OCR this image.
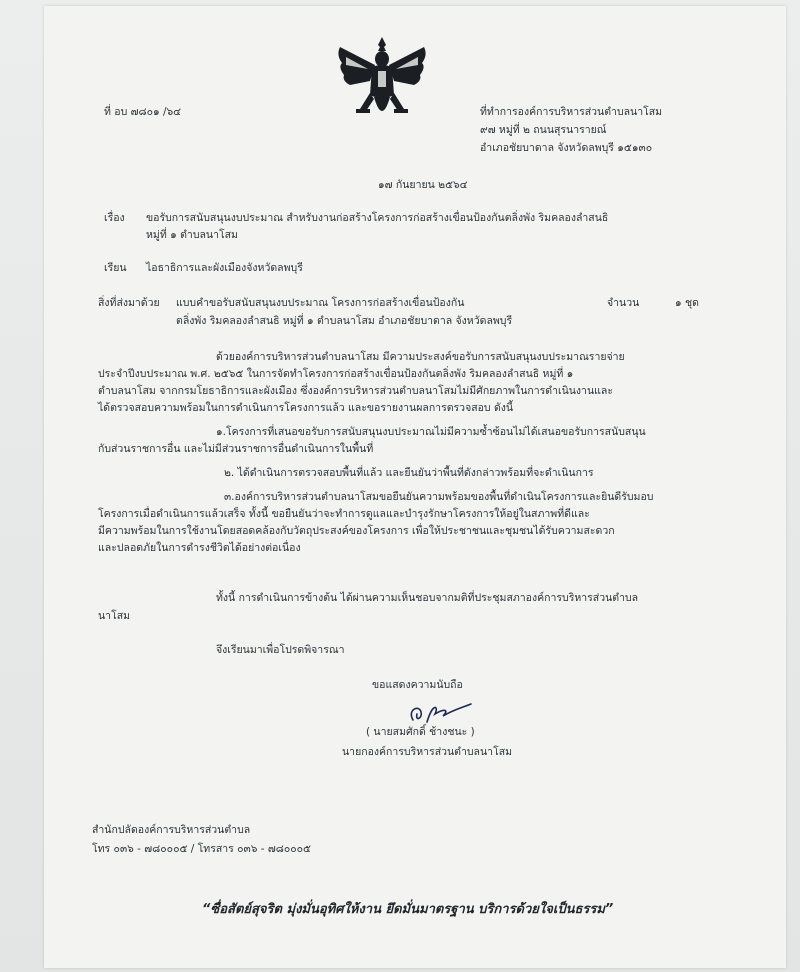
ที่ อบ ๗๘๐๑ /๖๔	ที่ทำการองค์การบริหารส่วนตำบลนาโสม
๙๗ หมู่ที่ ๒ ถนนสุรนารายณ์
อำเภอชัยบาดาล จังหวัดลพบุรี ๑๕๑๓๐
๑๗ กันยายน ๒๕๖๔
เรื่อง ขอรับการสนับสนุนงบประมาณ สำหรับงานก่อสร้างโครงการก่อสร้างเขื่อนป้องกันตลิ่งพัง ริมคลองลำสนธิ
หมู่ที่ ๑ ตำบลนาโสม
เรียน ไอธาธิการและผังเมืองจังหวัดลพบุรี
สิ่งที่ส่งมาด้วย แบบคำขอรับสนับสนุนงบประมาณ โครงการก่อสร้างเขื่อนป้องกัน	จำนวน	๑ ชุด
ตลิ่งพัง ริมคลองลำสนธิ หมู่ที่ ๑ ตำบลนาโสม อำเภอชัยบาดาล จังหวัดลพบุรี
ด้วยองค์การบริหารส่วนตำบลนาโสม มีความประสงค์ขอรับการสนับสนุนงบประมาณรายจ่าย
ประจำปีงบประมาณ พ.ศ. ๒๕๖๕ ในการจัดทำโครงการก่อสร้างเขื่อนป้องกันตลิ่งพัง ริมคลองลำสนธิ หมู่ที่ ๑
ตำบลนาโสม จากกรมโยธาธิการและผังเมือง ซึ่งองค์การบริหารส่วนตำบลนาโสมไม่มีศักยภาพในการดำเนินงานและ
ได้ตรวจสอบความพร้อมในการดำเนินการโครงการแล้ว และขอรายงานผลการตรวจสอบ ดังนี้
๑.โครงการที่เสนอขอรับการสนับสนุนงบประมาณไม่มีความซ้ำซ้อนไม่ได้เสนอขอรับการสนับสนุน
กับส่วนราชการอื่น และไม่มีส่วนราชการอื่นดำเนินการในพื้นที่
๒. ได้ดำเนินการตรวจสอบพื้นที่แล้ว และยืนยันว่าพื้นที่ดังกล่าวพร้อมที่จะดำเนินการ
๓.องค์การบริหารส่วนตำบลนาโสมขอยืนยันความพร้อมของพื้นที่ดำเนินโครงการและยินดีรับมอบ
โครงการเมื่อดำเนินการแล้วเสร็จ ทั้งนี้ ขอยืนยันว่าจะทำการดูแลและบำรุงรักษาโครงการให้อยู่ในสภาพที่ดีและ
มีความพร้อมในการใช้งานโดยสอดคล้องกับวัตถุประสงค์ของโครงการ เพื่อให้ประชาชนและชุมชนได้รับความสะดวก
และปลอดภัยในการดำรงชีวิตได้อย่างต่อเนื่อง
ทั้งนี้ การดำเนินการข้างต้น ได้ผ่านความเห็นชอบจากมติที่ประชุมสภาองค์การบริหารส่วนตำบล
นาโสม
จึงเรียนมาเพื่อโปรดพิจารณา
ขอแสดงความนับถือ
( นายสมศักดิ์ ช้างชนะ )
นายกองค์การบริหารส่วนตำบลนาโสม
สำนักปลัดองค์การบริหารส่วนตำบล
โทร ๐๓๖ - ๗๘๐๐๐๕ / โทรสาร ๐๓๖ - ๗๘๐๐๐๕
“ซื่อสัตย์สุจริต มุ่งมั่นอุทิศให้งาน ยึดมั่นมาตรฐาน บริการด้วยใจเป็นธรรม”
